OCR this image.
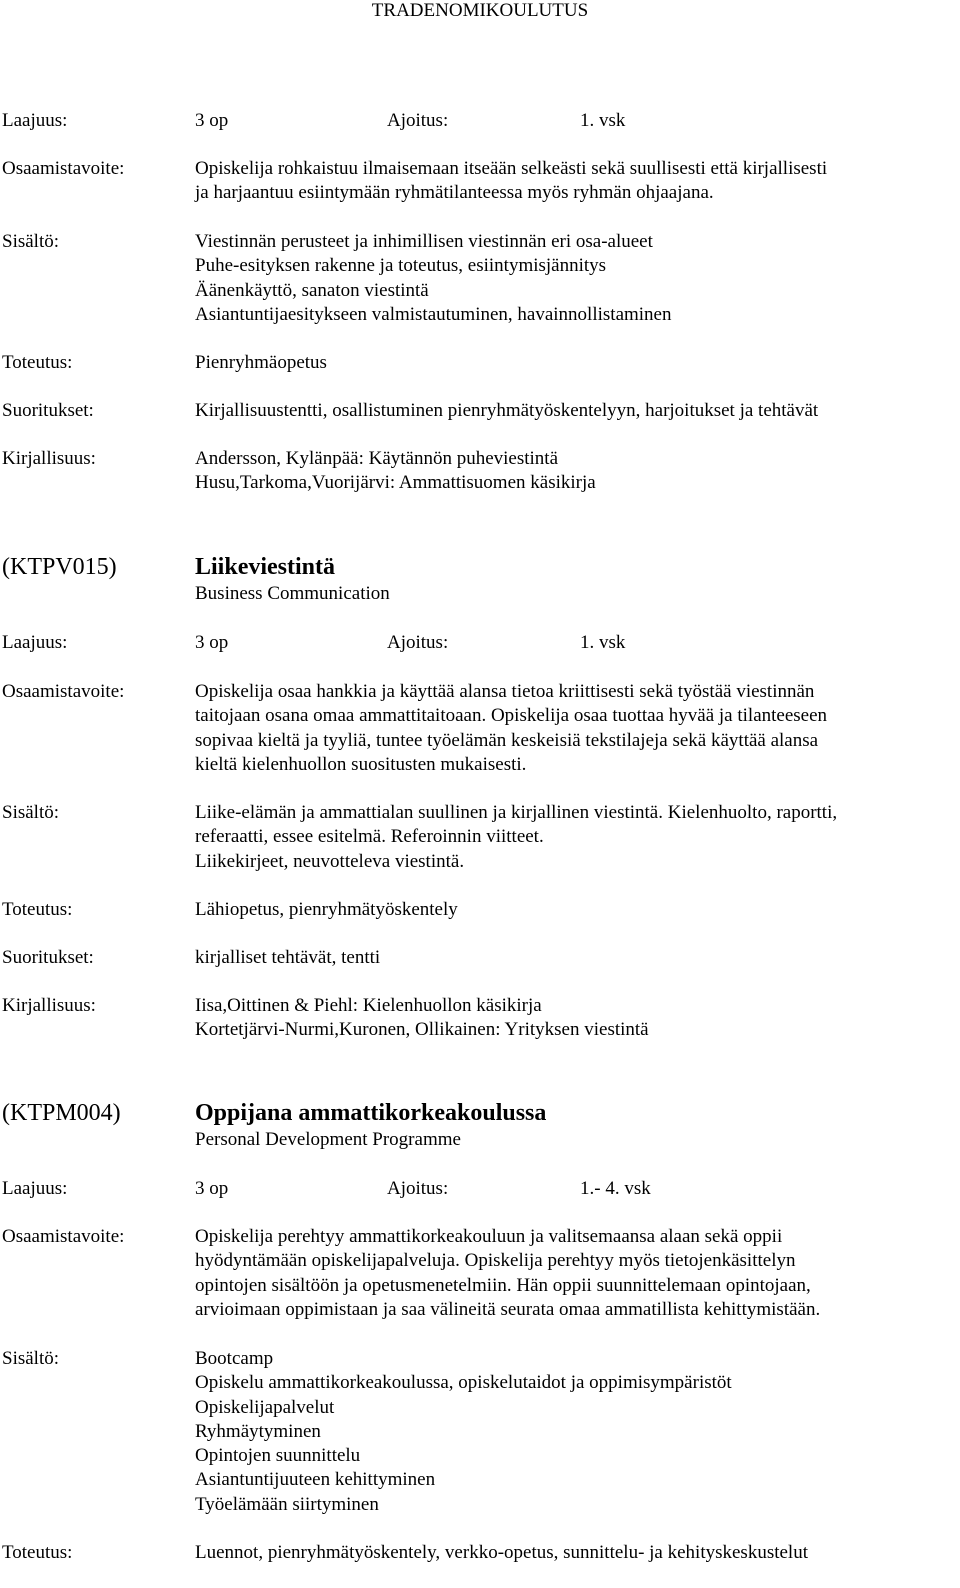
TRADENOMIKOULUTUS
Laajuus:	3 op	Ajoitus:	1. vsk
Osaamistavoite:	Opiskelija rohkaistuu ilmaisemaan itseään selkeästi sekä suullisesti että kirjallisesti
ja harjaantuu esiintymään ryhmätilanteessa myös ryhmän ohjaajana.
Sisältö:	Viestinnän perusteet ja inhimillisen viestinnän eri osa-alueet
Puhe-esityksen rakenne ja toteutus, esiintymisjännitys
Äänenkäyttö, sanaton viestintä
Asiantuntijaesitykseen valmistautuminen, havainnollistaminen
Toteutus:	Pienryhmäopetus
Suoritukset:	Kirjallisuustentti, osallistuminen pienryhmätyöskentelyyn, harjoitukset ja tehtävät
Kirjallisuus:	Andersson, Kylänpää: Käytännön puheviestintä
Husu,Tarkoma,Vuorijärvi: Ammattisuomen käsikirja
(KTPV015)	Liikeviestintä
Business Communication
Laajuus:	3 op	Ajoitus:	1. vsk
Osaamistavoite:	Opiskelija osaa hankkia ja käyttää alansa tietoa kriittisesti sekä työstää viestinnän
taitojaan osana omaa ammattitaitoaan. Opiskelija osaa tuottaa hyvää ja tilanteeseen
sopivaa kieltä ja tyyliä, tuntee työelämän keskeisiä tekstilajeja sekä käyttää alansa
kieltä kielenhuollon suositusten mukaisesti.
Sisältö:	Liike-elämän ja ammattialan suullinen ja kirjallinen viestintä. Kielenhuolto, raportti,
referaatti, essee esitelmä. Referoinnin viitteet.
Liikekirjeet, neuvotteleva viestintä.
Toteutus:	Lähiopetus, pienryhmätyöskentely
Suoritukset:	kirjalliset tehtävät, tentti
Kirjallisuus:	Iisa,Oittinen & Piehl: Kielenhuollon käsikirja
Kortetjärvi-Nurmi,Kuronen, Ollikainen: Yrityksen viestintä
(KTPM004)	Oppijana ammattikorkeakoulussa
Personal Development Programme
Laajuus:	3 op	Ajoitus:	1.- 4. vsk
Osaamistavoite:	Opiskelija perehtyy ammattikorkeakouluun ja valitsemaansa alaan sekä oppii
hyödyntämään opiskelijapalveluja. Opiskelija perehtyy myös tietojenkäsittelyn
opintojen sisältöön ja opetusmenetelmiin. Hän oppii suunnittelemaan opintojaan,
arvioimaan oppimistaan ja saa välineitä seurata omaa ammatillista kehittymistään.
Sisältö:	Bootcamp
Opiskelu ammattikorkeakoulussa, opiskelutaidot ja oppimisympäristöt
Opiskelijapalvelut
Ryhmäytyminen
Opintojen suunnittelu
Asiantuntijuuteen kehittyminen
Työelämään siirtyminen
Toteutus:	Luennot, pienryhmätyöskentely, verkko-opetus, sunnittelu- ja kehityskeskustelut
